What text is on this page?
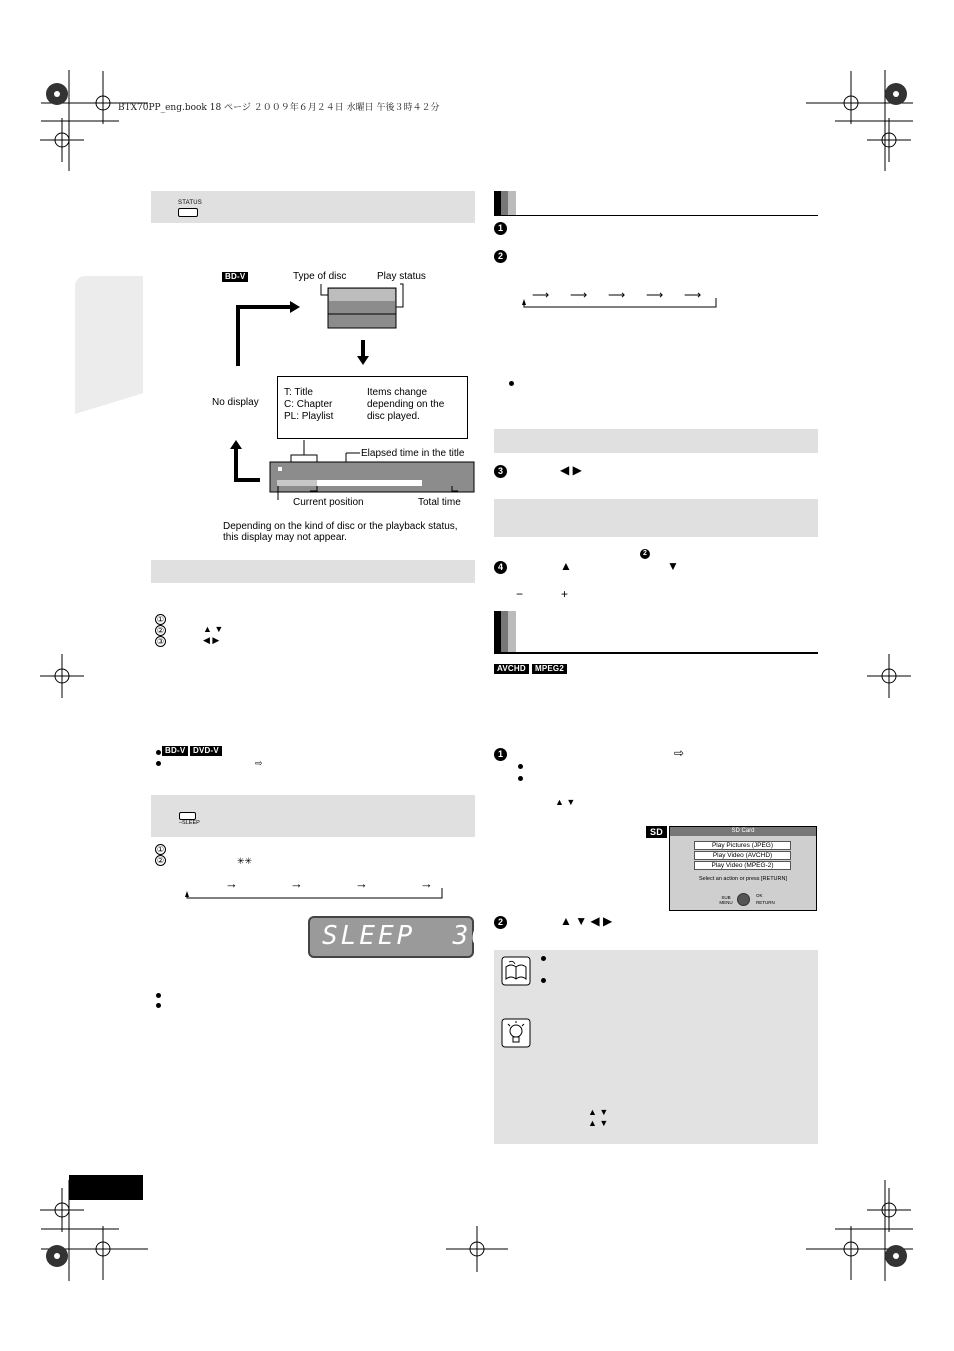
BTX70PP_eng.book 18 ページ ２００９年６月２４日 水曜日 午後３時４２分
STATUS
BD-V	Type of disc	Play status
T: Title
C: Chapter
PL: Playlist
Items change
depending on the
disc played.
No display
Elapsed time in the title
Current position	Total time
Depending on the kind of disc or the playback status,
this display may not appear.
①
②
③
▲ ▼
◀ ▶
BD-V DVD-V
⇨
–SLEEP
①
②	✳✳
→	→	→	→
SLEEP  30
1
2
⟶ ⟶ ⟶ ⟶ ⟶
3	◀ ▶
2
4	▲	▼
−	+
AVCHD	MPEG2
1	⇨
▲ ▼
SD	SD Card
Play Pictures (JPEG)
Play Video (AVCHD)
Play Video (MPEG-2)
Select an action or press [RETURN]
SUB MENU
OK
RETURN
2	▲ ▼ ◀ ▶
▲ ▼
▲ ▼
